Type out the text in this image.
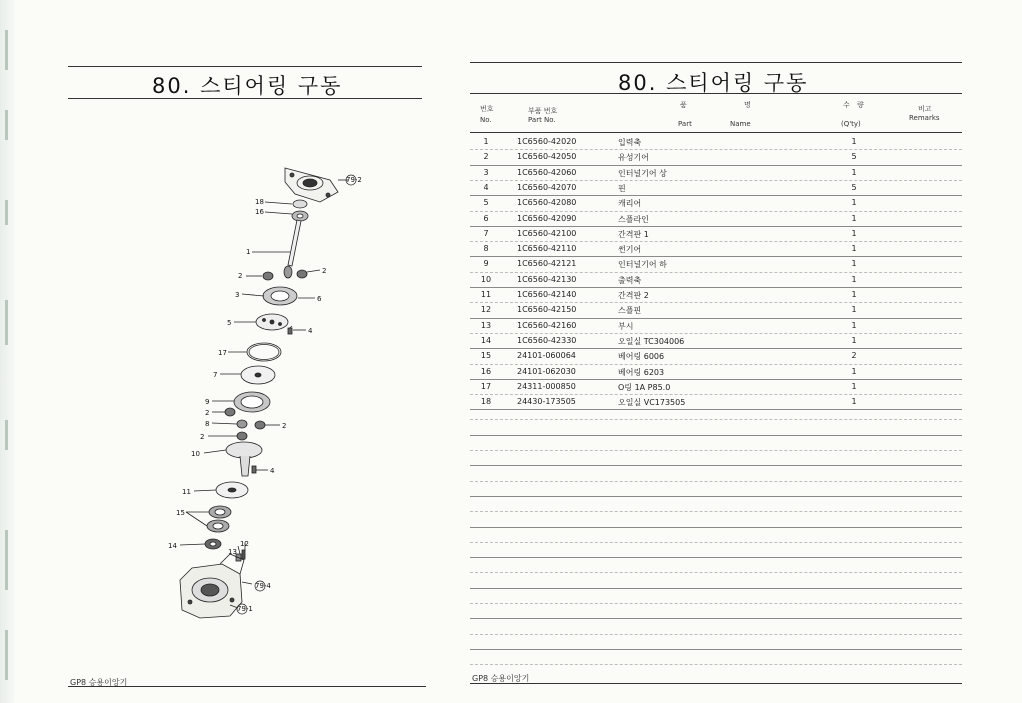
80. 스티어링 구동
79-2
18
16
1
2
2
3	6
5
4
17
7
9
2
8
2
2
10
4
11
15
14
13
12
79-4
79-1
GP8 승용이앙기
80. 스티어링 구동
번호
No.
부품 번호
Part No.
품	명
Part	Name
수 량
(Q'ty)
비고
Remarks
1	1C6560-42020	입력축	1
2	1C6560-42050	유성기어	5
3	1C6560-42060	인터널기어 상	1
4	1C6560-42070	핀	5
5	1C6560-42080	캐리어	1
6	1C6560-42090	스플라인	1
7	1C6560-42100	간격판 1	1
8	1C6560-42110	썬기어	1
9	1C6560-42121	인터널기어 하	1
10	1C6560-42130	출력축	1
11	1C6560-42140	간격판 2	1
12	1C6560-42150	스플핀	1
13	1C6560-42160	부시	1
14	1C6560-42330	오일실 TC304006	1
15	24101-060064	베어링 6006	2
16	24101-062030	베어링 6203	1
17	24311-000850	O링 1A P85.0	1
18	24430-173505	오일실 VC173505	1
GP8 승용이앙기
